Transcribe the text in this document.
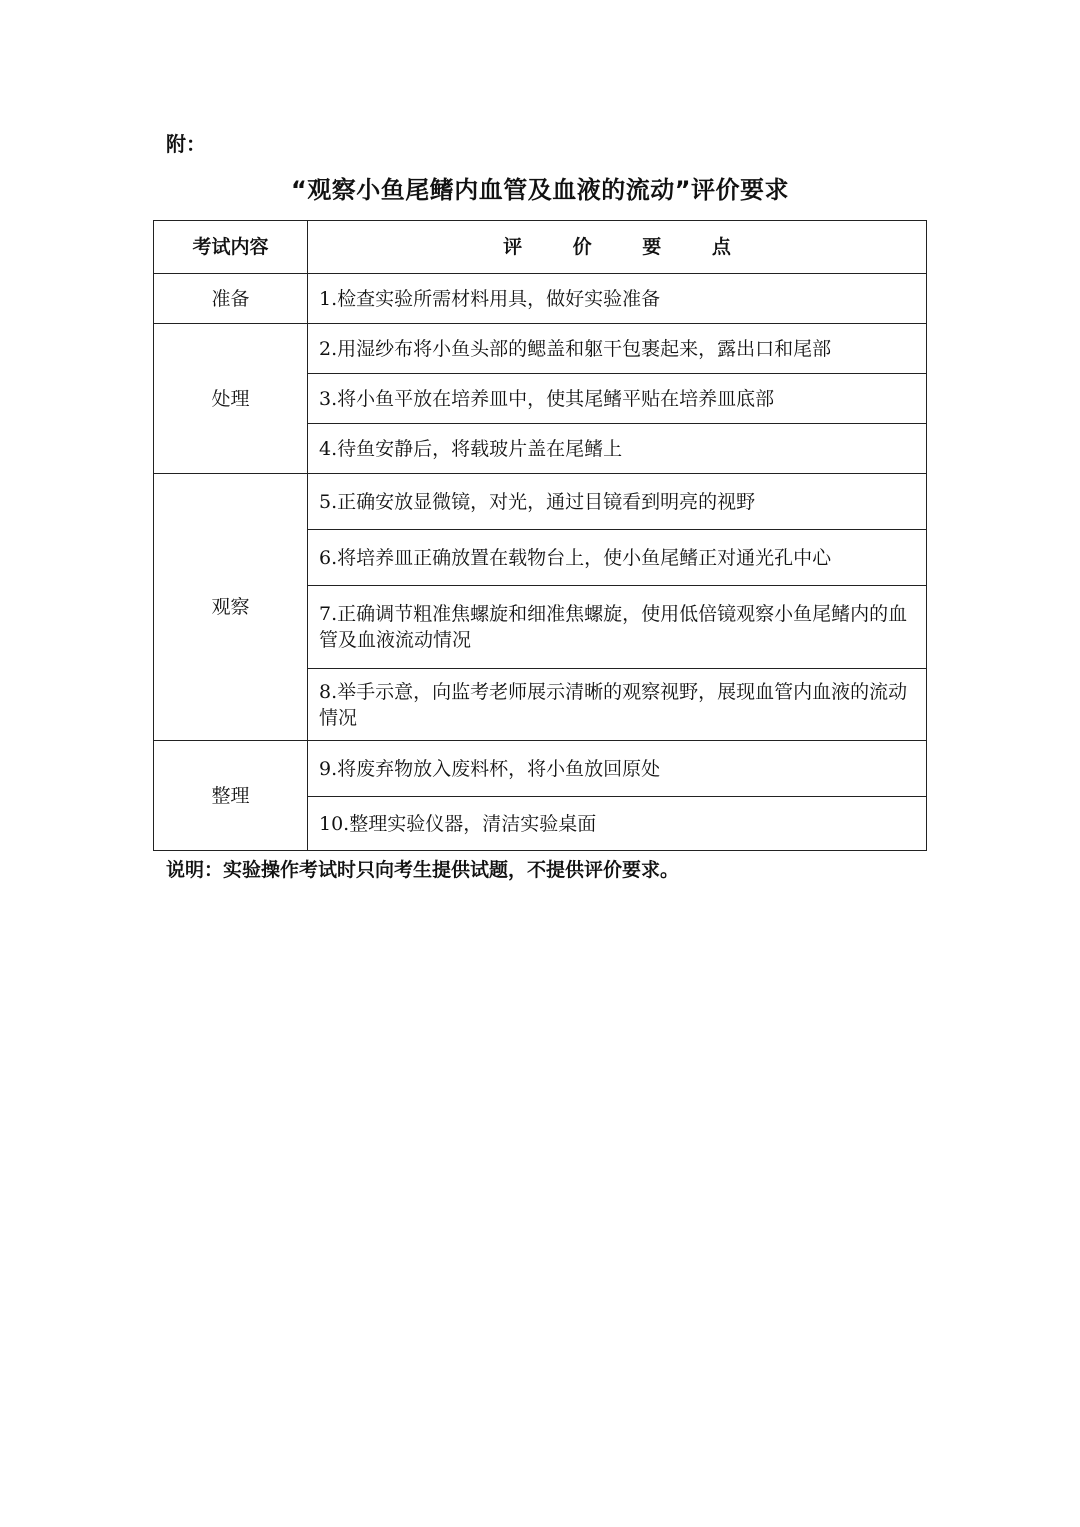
附：
“观察小鱼尾鳍内血管及血液的流动”评价要求
考试内容	评 价 要 点
准备	1.检查实验所需材料用具，做好实验准备
处理	2.用湿纱布将小鱼头部的鳃盖和躯干包裹起来，露出口和尾部
	3.将小鱼平放在培养皿中，使其尾鳍平贴在培养皿底部
	4.待鱼安静后，将载玻片盖在尾鳍上
观察	5.正确安放显微镜，对光，通过目镜看到明亮的视野
	6.将培养皿正确放置在载物台上，使小鱼尾鳍正对通光孔中心
	7.正确调节粗准焦螺旋和细准焦螺旋，使用低倍镜观察小鱼尾鳍内的血管及血液流动情况
	8.举手示意，向监考老师展示清晰的观察视野，展现血管内血液的流动情况
整理	9.将废弃物放入废料杯，将小鱼放回原处
	10.整理实验仪器，清洁实验桌面
说明：实验操作考试时只向考生提供试题，不提供评价要求。
